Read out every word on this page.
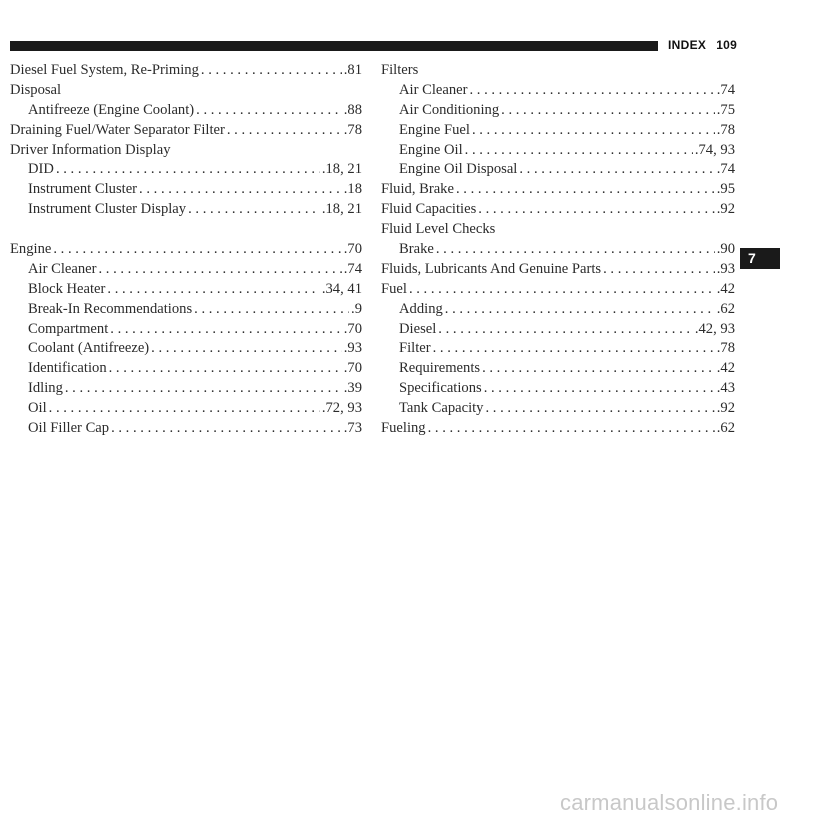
INDEX 109
Diesel Fuel System, Re-Priming . . .	.81
Disposal
Antifreeze (Engine Coolant) . . .	.88
Draining Fuel/Water Separator Filter . . .	.78
Driver Information Display
DID . . .	.18, 21
Instrument Cluster . . .	.18
Instrument Cluster Display . . .	.18, 21
Engine . . .	.70
Air Cleaner . . .	.74
Block Heater . . .	.34, 41
Break-In Recommendations . . .	.9
Compartment . . .	.70
Coolant (Antifreeze) . . .	.93
Identification . . .	.70
Idling . . .	.39
Oil . . .	.72, 93
Oil Filler Cap . . .	.73
Filters
Air Cleaner . . .	.74
Air Conditioning . . .	.75
Engine Fuel . . .	.78
Engine Oil . . .	.74, 93
Engine Oil Disposal . . .	.74
Fluid, Brake . . .	.95
Fluid Capacities . . .	.92
Fluid Level Checks
Brake . . .	.90
Fluids, Lubricants And Genuine Parts . . .	.93
Fuel . . .	.42
Adding . . .	.62
Diesel . . .	.42, 93
Filter . . .	.78
Requirements . . .	.42
Specifications . . .	.43
Tank Capacity . . .	.92
Fueling . . .	.62
7
carmanualsonline.info
